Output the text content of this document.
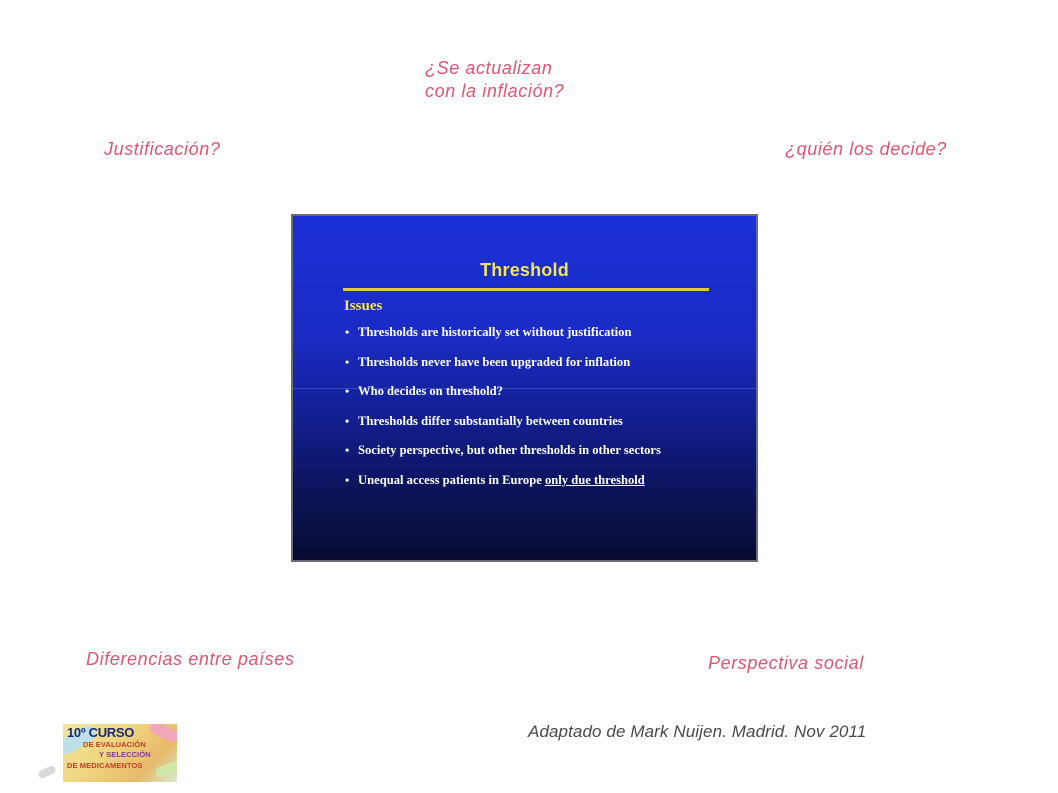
¿Se actualizan
con la inflación?
Justificación?	¿quién los decide?
Threshold
Issues
• Thresholds are historically set without justification
• Thresholds never have been upgraded for inflation
• Who decides on threshold?
• Thresholds differ substantially between countries
• Society perspective, but other thresholds in other sectors
• Unequal access patients in Europe only due threshold
Diferencias entre países	Perspectiva social
10º CURSO
DE EVALUACIÓN
Y SELECCIÓN
DE MEDICAMENTOS
Adaptado de Mark Nuijen. Madrid. Nov 2011
